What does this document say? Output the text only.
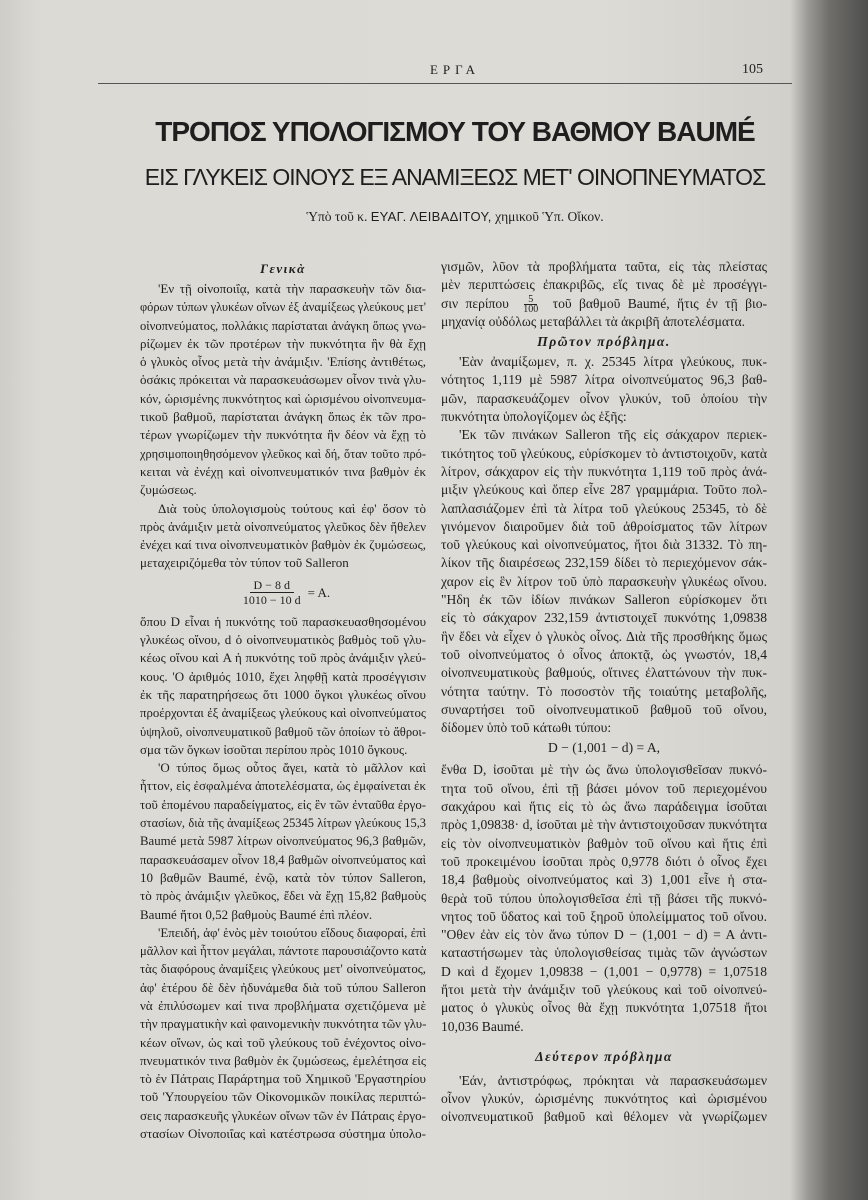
ΕΡΓΑ	105
ΤΡΟΠΟΣ ΥΠΟΛΟΓΙΣΜΟΥ ΤΟΥ ΒΑΘΜΟΥ BAUMÉ
ΕΙΣ ΓΛΥΚΕΙΣ ΟΙΝΟΥΣ ΕΞ ΑΝΑΜΙΞΕΩΣ ΜΕΤ' ΟΙΝΟΠΝΕΥΜΑΤΟΣ
Ὑπὸ τοῦ κ. ΕΥΑΓ. ΛΕΙΒΑΔΙΤΟΥ, χημικοῦ Ὑπ. Οἴκον.
Γενικὰ
'Εν τῇ οἰνοποιΐᾳ, κατὰ τὴν παρασκευὴν τῶν δια-
φόρων τύπων γλυκέων οἴνων ἐξ ἀναμίξεως γλεύκους μετ'
οἰνοπνεύματος, πολλάκις παρίσταται ἀνάγκη ὅπως γνω-
ρίζωμεν ἐκ τῶν προτέρων τὴν πυκνότητα ἣν θὰ ἔχῃ
ὁ γλυκὸς οἶνος μετὰ τὴν ἀνάμιξιν. 'Επίσης ἀντιθέτως,
ὁσάκις πρόκειται νὰ παρασκευάσωμεν οἶνον τινὰ γλυ-
κόν, ὡρισμένης πυκνότητος καὶ ὡρισμένου οἰνοπνευμα-
τικοῦ βαθμοῦ, παρίσταται ἀνάγκη ὅπως ἐκ τῶν προ-
τέρων γνωρίζωμεν τὴν πυκνότητα ἣν δέον νὰ ἔχῃ τὸ
χρησιμοποιηθησόμενον γλεῦκος καὶ δή, ὅταν τοῦτο πρό-
κειται νὰ ἐνέχῃ καὶ οἰνοπνευματικόν τινα βαθμὸν ἐκ
ζυμώσεως.
Διὰ τοὺς ὑπολογισμοὺς τούτους καὶ ἐφ' ὅσον τὸ
πρὸς ἀνάμιξιν μετὰ οἰνοπνεύματος γλεῦκος δὲν ἤθελεν
ἐνέχει καί τινα οἰνοπνευματικὸν βαθμὸν ἐκ ζυμώσεως,
μεταχειριζόμεθα τὸν τύπον τοῦ Salleron
$\frac{D - 8 d}{1010 - 10 d} = A$.
ὅπου D εἶναι ἡ πυκνότης τοῦ παρασκευασθησομένου
γλυκέως οἴνου, d ὁ οἰνοπνευματικὸς βαθμὸς τοῦ γλυ-
κέως οἴνου καὶ A ἡ πυκνότης τοῦ πρὸς ἀνάμιξιν γλεύ-
κους. 'Ο ἀριθμός 1010, ἔχει ληφθῇ κατὰ προσέγγισιν
ἐκ τῆς παρατηρήσεως ὅτι 1000 ὄγκοι γλυκέως οἴνου
προέρχονται ἐξ ἀναμίξεως γλεύκους καὶ οἰνοπνεύματος
ὑψηλοῦ, οἰνοπνευματικοῦ βαθμοῦ τῶν ὁποίων τὸ ἄθροι-
σμα τῶν ὄγκων ἰσοῦται περίπου πρὸς 1010 ὄγκους.
'Ο τύπος ὅμως οὗτος ἄγει, κατὰ τὸ μᾶλλον καὶ
ἧττον, εἰς ἐσφαλμένα ἀποτελέσματα, ὡς ἐμφαίνεται ἐκ
τοῦ ἑπομένου παραδείγματος, εἰς ἓν τῶν ἐνταῦθα ἐργο-
στασίων, διὰ τῆς ἀναμίξεως 25345 λίτρων γλεύκους 15,3
Baumé μετὰ 5987 λίτρων οἰνοπνεύματος 96,3 βαθμῶν,
παρασκευάσαμεν οἶνον 18,4 βαθμῶν οἰνοπνεύματος καὶ
10 βαθμῶν Baumé, ἐνῷ, κατὰ τὸν τύπον Salleron,
τὸ πρὸς ἀνάμιξιν γλεῦκος, ἔδει νὰ ἔχῃ 15,82 βαθμοὺς
Baumé ἤτοι 0,52 βαθμοὺς Baumé ἐπὶ πλέον.
'Επειδή, ἀφ' ἑνὸς μὲν τοιούτου εἴδους διαφοραί, ἐπὶ
μᾶλλον καὶ ἧττον μεγάλαι, πάντοτε παρουσιάζοντο κατὰ
τὰς διαφόρους ἀναμίξεις γλεύκους μετ' οἰνοπνεύματος,
ἀφ' ἑτέρου δὲ δὲν ἠδυνάμεθα διὰ τοῦ τύπου Salleron
νὰ ἐπιλύσωμεν καί τινα προβλήματα σχετιζόμενα μὲ
τὴν πραγματικὴν καὶ φαινομενικὴν πυκνότητα τῶν γλυ-
κέων οἴνων, ὡς καὶ τοῦ γλεύκους τοῦ ἐνέχοντος οἰνο-
πνευματικόν τινα βαθμὸν ἐκ ζυμώσεως, ἐμελέτησα εἰς
τὸ ἐν Πάτραις Παράρτημα τοῦ Χημικοῦ 'Εργαστηρίου
τοῦ 'Υπουργείου τῶν Οἰκονομικῶν ποικίλας περιπτώ-
σεις παρασκευῆς γλυκέων οἴνων τῶν ἐν Πάτραις ἐργο-
στασίων Οἰνοποιΐας καὶ κατέστρωσα σύστημα ὑπολο-
γισμῶν, λῦον τὰ προβλήματα ταῦτα, εἰς τὰς πλείστας
μὲν περιπτώσεις ἐπακριβῶς, εἴς τινας δὲ μὲ προσέγγι-
σιν περίπου $\frac{5}{100}$ τοῦ βαθμοῦ Baumé, ἥτις ἐν τῇ βιο-
μηχανίᾳ οὐδόλως μεταβάλλει τὰ ἀκριβῆ ἀποτελέσματα.
Πρῶτον πρόβλημα.
'Εὰν ἀναμίξωμεν, π. χ. 25345 λίτρα γλεύκους, πυκ-
νότητος 1,119 μὲ 5987 λίτρα οἰνοπνεύματος 96,3 βαθ-
μῶν, παρασκευάζομεν οἶνον γλυκύν, τοῦ ὁποίου τὴν
πυκνότητα ὑπολογίζομεν ὡς ἑξῆς:
'Εκ τῶν πινάκων Salleron τῆς εἰς σάκχαρον περιεκ-
τικότητος τοῦ γλεύκους, εὑρίσκομεν τὸ ἀντιστοιχοῦν, κατὰ
λίτρον, σάκχαρον εἰς τὴν πυκνότητα 1,119 τοῦ πρὸς ἀνά-
μιξιν γλεύκους καὶ ὅπερ εἶνε 287 γραμμάρια. Τοῦτο πολ-
λαπλασιάζομεν ἐπὶ τὰ λίτρα τοῦ γλεύκους 25345, τὸ δὲ
γινόμενον διαιροῦμεν διὰ τοῦ ἀθροίσματος τῶν λίτρων
τοῦ γλεύκους καὶ οἰνοπνεύματος, ἤτοι διὰ 31332. Τὸ πη-
λίκον τῆς διαιρέσεως 232,159 δίδει τὸ περιεχόμενον σάκ-
χαρον εἰς ἓν λίτρον τοῦ ὑπὸ παρασκευὴν γλυκέως οἴνου.
"Ηδη ἐκ τῶν ἰδίων πινάκων Salleron εὑρίσκομεν ὅτι
εἰς τὸ σάκχαρον 232,159 ἀντιστοιχεῖ πυκνότης 1,09838
ἣν ἔδει νὰ εἶχεν ὁ γλυκὸς οἶνος. Διὰ τῆς προσθήκης ὅμως
τοῦ οἰνοπνεύματος ὁ οἶνος ἀποκτᾷ, ὡς γνωστόν, 18,4
οἰνοπνευματικοὺς βαθμούς, οἵτινες ἐλαττώνουν τὴν πυκ-
νότητα ταύτην. Τὸ ποσοστὸν τῆς τοιαύτης μεταβολῆς,
συναρτήσει τοῦ οἰνοπνευματικοῦ βαθμοῦ τοῦ οἴνου,
δίδομεν ὑπὸ τοῦ κάτωθι τύπου:
D − (1,001 − d) = A,
ἔνθα D, ἰσοῦται μὲ τὴν ὡς ἄνω ὑπολογισθεῖσαν πυκνό-
τητα τοῦ οἴνου, ἐπὶ τῇ βάσει μόνον τοῦ περιεχομένου
σακχάρου καὶ ἥτις εἰς τὸ ὡς ἄνω παράδειγμα ἰσοῦται
πρὸς 1,09838· d, ἰσοῦται μὲ τὴν ἀντιστοιχοῦσαν πυκνότητα
εἰς τὸν οἰνοπνευματικὸν βαθμὸν τοῦ οἴνου καὶ ἥτις ἐπὶ
τοῦ προκειμένου ἰσοῦται πρὸς 0,9778 διότι ὁ οἶνος ἔχει
18,4 βαθμοὺς οἰνοπνεύματος καὶ 3) 1,001 εἶνε ἡ στα-
θερὰ τοῦ τύπου ὑπολογισθεῖσα ἐπὶ τῇ βάσει τῆς πυκνό-
νητος τοῦ ὕδατος καὶ τοῦ ξηροῦ ὑπολείμματος τοῦ οἴνου.
"Οθεν ἐὰν εἰς τὸν ἄνω τύπον D − (1,001 − d) = A ἀντι-
καταστήσωμεν τὰς ὑπολογισθείσας τιμὰς τῶν ἀγνώστων
D καὶ d ἔχομεν 1,09838 − (1,001 − 0,9778) = 1,07518
ἤτοι μετὰ τὴν ἀνάμιξιν τοῦ γλεύκους καὶ τοῦ οἰνοπνεύ-
ματος ὁ γλυκὺς οἶνος θὰ ἔχῃ πυκνότητα 1,07518 ἤτοι
10,036 Baumé.
Δεύτερον πρόβλημα
'Εάν, ἀντιστρόφως, πρόκηται νὰ παρασκευάσωμεν
οἶνον γλυκύν, ὡρισμένης πυκνότητος καὶ ὡρισμένου
οἰνοπνευματικοῦ βαθμοῦ καὶ θέλομεν νὰ γνωρίζωμεν
